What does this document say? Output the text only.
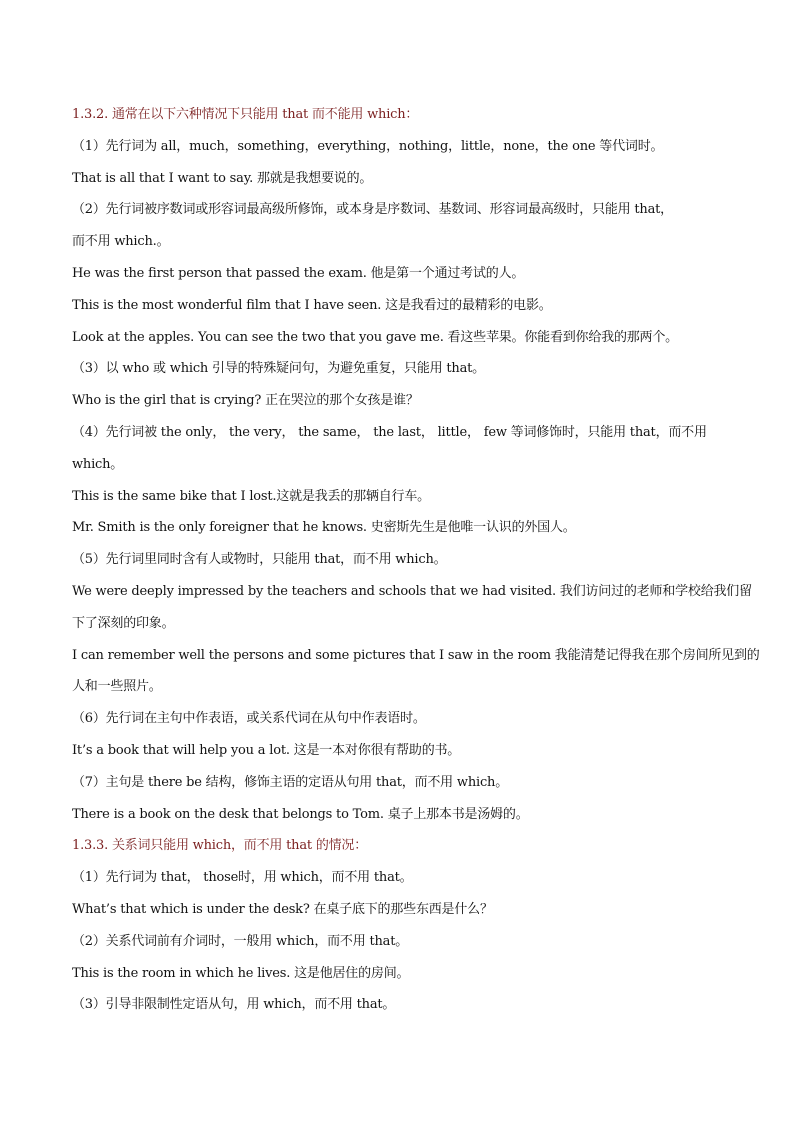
1.3.2. 通常在以下六种情况下只能用 that 而不能用 which：
（1）先行词为 all，much，something，everything，nothing，little，none，the one 等代词时。
That is all that I want to say. 那就是我想要说的。
（2）先行词被序数词或形容词最高级所修饰，或本身是序数词、基数词、形容词最高级时，只能用 that，
而不用 which.。
He was the first person that passed the exam. 他是第一个通过考试的人。
This is the most wonderful film that I have seen. 这是我看过的最精彩的电影。
Look at the apples. You can see the two that you gave me. 看这些苹果。你能看到你给我的那两个。
（3）以 who 或 which 引导的特殊疑问句，为避免重复，只能用 that。
Who is the girl that is crying? 正在哭泣的那个女孩是谁？
（4）先行词被 the only， the very， the same， the last， little， few 等词修饰时，只能用 that，而不用
which。
This is the same bike that I lost.这就是我丢的那辆自行车。
Mr. Smith is the only foreigner that he knows. 史密斯先生是他唯一认识的外国人。
（5）先行词里同时含有人或物时，只能用 that，而不用 which。
We were deeply impressed by the teachers and schools that we had visited. 我们访问过的老师和学校给我们留
下了深刻的印象。
I can remember well the persons and some pictures that I saw in the room 我能清楚记得我在那个房间所见到的
人和一些照片。
（6）先行词在主句中作表语，或关系代词在从句中作表语时。
It’s a book that will help you a lot. 这是一本对你很有帮助的书。
（7）主句是 there be 结构，修饰主语的定语从句用 that，而不用 which。
There is a book on the desk that belongs to Tom. 桌子上那本书是汤姆的。
1.3.3. 关系词只能用 which，而不用 that 的情况：
（1）先行词为 that， those时，用 which，而不用 that。
What’s that which is under the desk? 在桌子底下的那些东西是什么？
（2）关系代词前有介词时，一般用 which，而不用 that。
This is the room in which he lives. 这是他居住的房间。
（3）引导非限制性定语从句，用 which，而不用 that。
